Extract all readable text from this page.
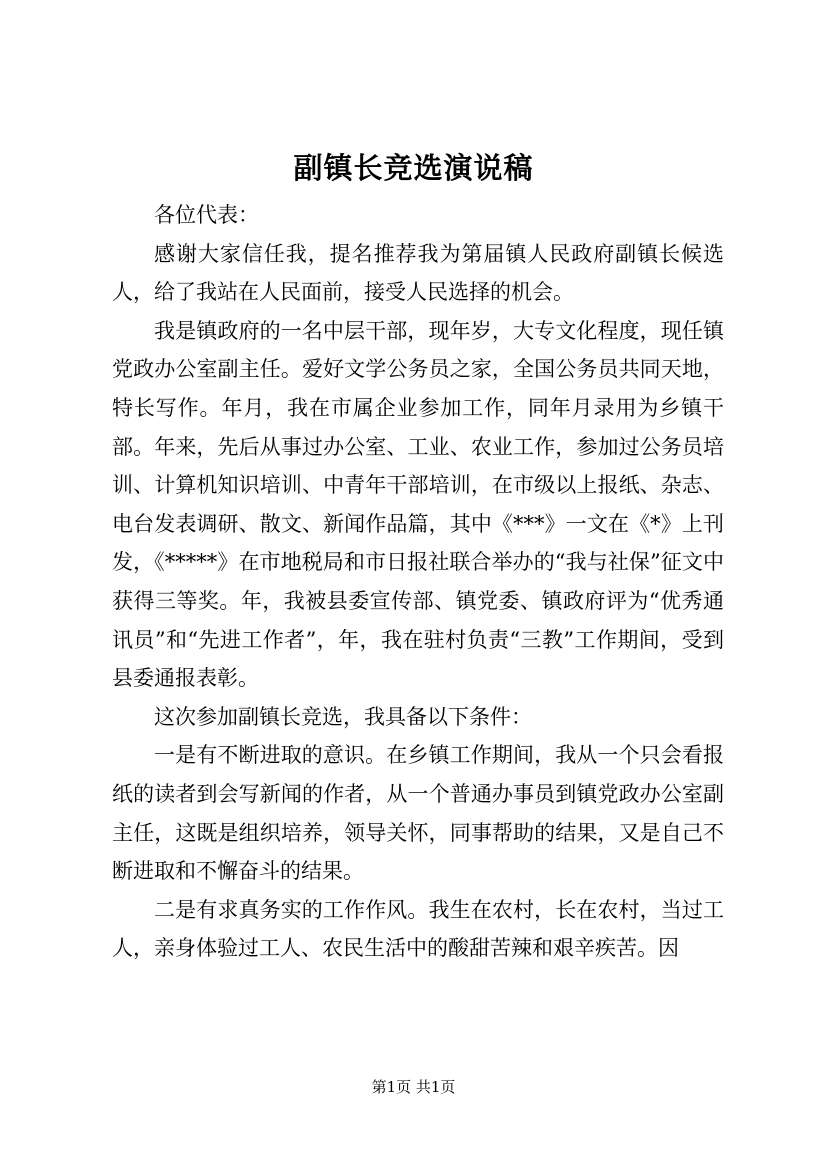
副镇长竞选演说稿

各位代表：

感谢大家信任我，提名推荐我为第届镇人民政府副镇长候选人，给了我站在人民面前，接受人民选择的机会。

我是镇政府的一名中层干部，现年岁，大专文化程度，现任镇党政办公室副主任。爱好文学公务员之家，全国公务员共同天地，特长写作。年月，我在市属企业参加工作，同年月录用为乡镇干部。年来，先后从事过办公室、工业、农业工作，参加过公务员培训、计算机知识培训、中青年干部培训，在市级以上报纸、杂志、电台发表调研、散文、新闻作品篇，其中《***》一文在《*》上刊发，《*****》在市地税局和市日报社联合举办的“我与社保”征文中获得三等奖。年，我被县委宣传部、镇党委、镇政府评为“优秀通讯员”和“先进工作者”，年，我在驻村负责“三教”工作期间，受到县委通报表彰。

这次参加副镇长竞选，我具备以下条件：

一是有不断进取的意识。在乡镇工作期间，我从一个只会看报纸的读者到会写新闻的作者，从一个普通办事员到镇党政办公室副主任，这既是组织培养，领导关怀，同事帮助的结果，又是自己不断进取和不懈奋斗的结果。

二是有求真务实的工作作风。我生在农村，长在农村，当过工人，亲身体验过工人、农民生活中的酸甜苦辣和艰辛疾苦。因

第1页 共1页
